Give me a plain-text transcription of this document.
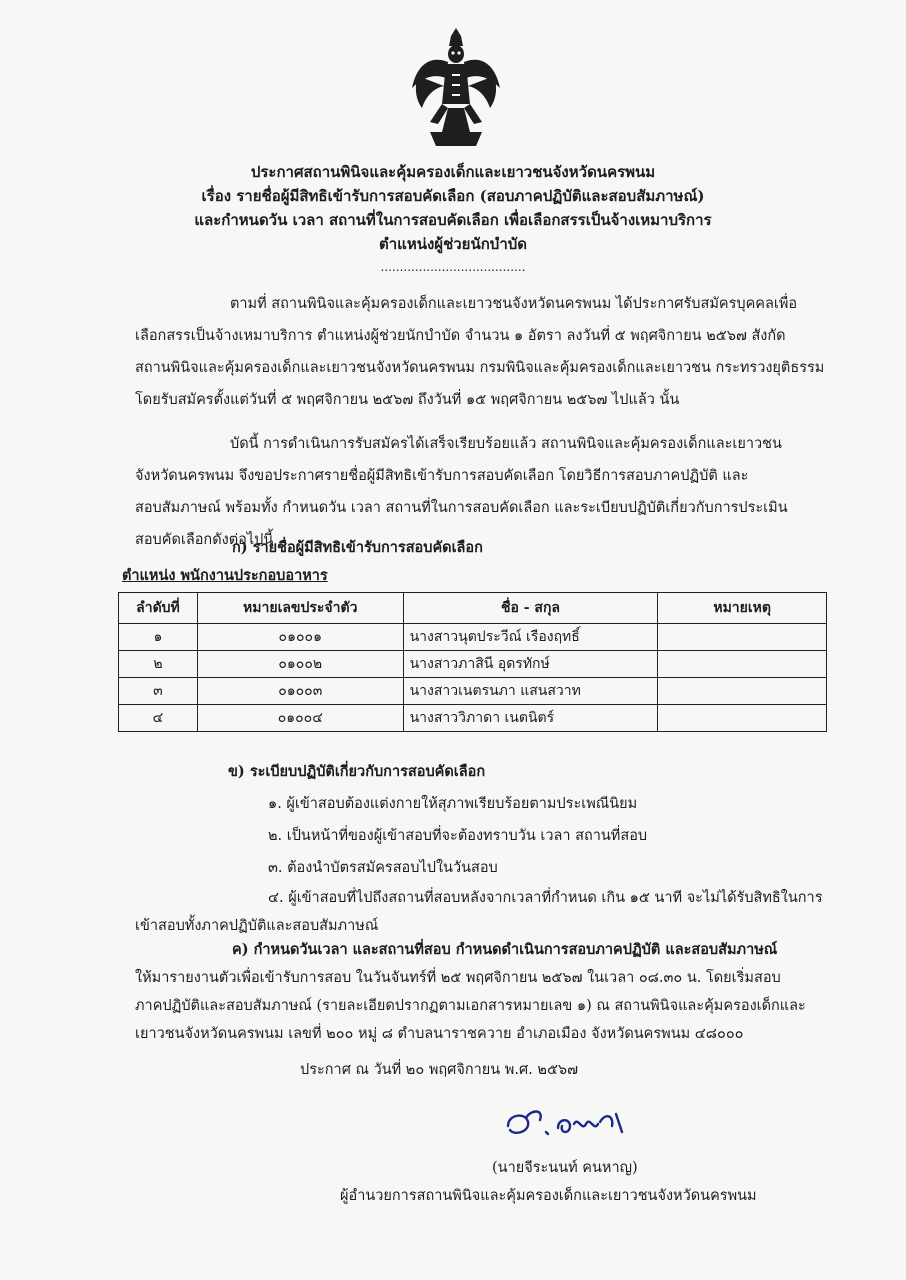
ประกาศสถานพินิจและคุ้มครองเด็กและเยาวชนจังหวัดนครพนม
เรื่อง รายชื่อผู้มีสิทธิเข้ารับการสอบคัดเลือก (สอบภาคปฏิบัติและสอบสัมภาษณ์)
และกำหนดวัน เวลา สถานที่ในการสอบคัดเลือก เพื่อเลือกสรรเป็นจ้างเหมาบริการ
ตำแหน่งผู้ช่วยนักบำบัด
......................................
ตามที่ สถานพินิจและคุ้มครองเด็กและเยาวชนจังหวัดนครพนม ได้ประกาศรับสมัครบุคคลเพื่อ
เลือกสรรเป็นจ้างเหมาบริการ ตำแหน่งผู้ช่วยนักบำบัด จำนวน ๑ อัตรา ลงวันที่ ๕ พฤศจิกายน ๒๕๖๗ สังกัด
สถานพินิจและคุ้มครองเด็กและเยาวชนจังหวัดนครพนม กรมพินิจและคุ้มครองเด็กและเยาวชน กระทรวงยุติธรรม
โดยรับสมัครตั้งแต่วันที่ ๕ พฤศจิกายน ๒๕๖๗ ถึงวันที่ ๑๕ พฤศจิกายน ๒๕๖๗ ไปแล้ว นั้น
บัดนี้ การดำเนินการรับสมัครได้เสร็จเรียบร้อยแล้ว สถานพินิจและคุ้มครองเด็กและเยาวชน
จังหวัดนครพนม จึงขอประกาศรายชื่อผู้มีสิทธิเข้ารับการสอบคัดเลือก โดยวิธีการสอบภาคปฏิบัติ และ
สอบสัมภาษณ์ พร้อมทั้ง กำหนดวัน เวลา สถานที่ในการสอบคัดเลือก และระเบียบปฏิบัติเกี่ยวกับการประเมิน
สอบคัดเลือกดังต่อไปนี้
ก) รายชื่อผู้มีสิทธิเข้ารับการสอบคัดเลือก
ตำแหน่ง พนักงานประกอบอาหาร
ลำดับที่	หมายเลขประจำตัว	ชื่อ - สกุล	หมายเหตุ
๑	๐๑๐๐๑	นางสาวนุตประวีณ์ เรืองฤทธิ์	
๒	๐๑๐๐๒	นางสาวภาสินี อุดรทักษ์	
๓	๐๑๐๐๓	นางสาวเนตรนภา แสนสวาท	
๔	๐๑๐๐๔	นางสาววิภาดา เนตนิตร์	
ข) ระเบียบปฏิบัติเกี่ยวกับการสอบคัดเลือก
๑. ผู้เข้าสอบต้องแต่งกายให้สุภาพเรียบร้อยตามประเพณีนิยม
๒. เป็นหน้าที่ของผู้เข้าสอบที่จะต้องทราบวัน เวลา สถานที่สอบ
๓. ต้องนำบัตรสมัครสอบไปในวันสอบ
๔. ผู้เข้าสอบที่ไปถึงสถานที่สอบหลังจากเวลาที่กำหนด เกิน ๑๕ นาที จะไม่ได้รับสิทธิในการ
เข้าสอบทั้งภาคปฏิบัติและสอบสัมภาษณ์
ค) กำหนดวันเวลา และสถานที่สอบ กำหนดดำเนินการสอบภาคปฏิบัติ และสอบสัมภาษณ์
ให้มารายงานตัวเพื่อเข้ารับการสอบ ในวันจันทร์ที่ ๒๕ พฤศจิกายน ๒๕๖๗ ในเวลา ๐๘.๓๐ น. โดยเริ่มสอบ
ภาคปฏิบัติและสอบสัมภาษณ์ (รายละเอียดปรากฏตามเอกสารหมายเลข ๑) ณ สถานพินิจและคุ้มครองเด็กและ
เยาวชนจังหวัดนครพนม เลขที่ ๒๐๐ หมู่ ๘ ตำบลนาราชควาย อำเภอเมือง จังหวัดนครพนม ๔๘๐๐๐
ประกาศ ณ วันที่ ๒๐ พฤศจิกายน พ.ศ. ๒๕๖๗
(นายจีระนนท์ คนหาญ)
ผู้อำนวยการสถานพินิจและคุ้มครองเด็กและเยาวชนจังหวัดนครพนม
